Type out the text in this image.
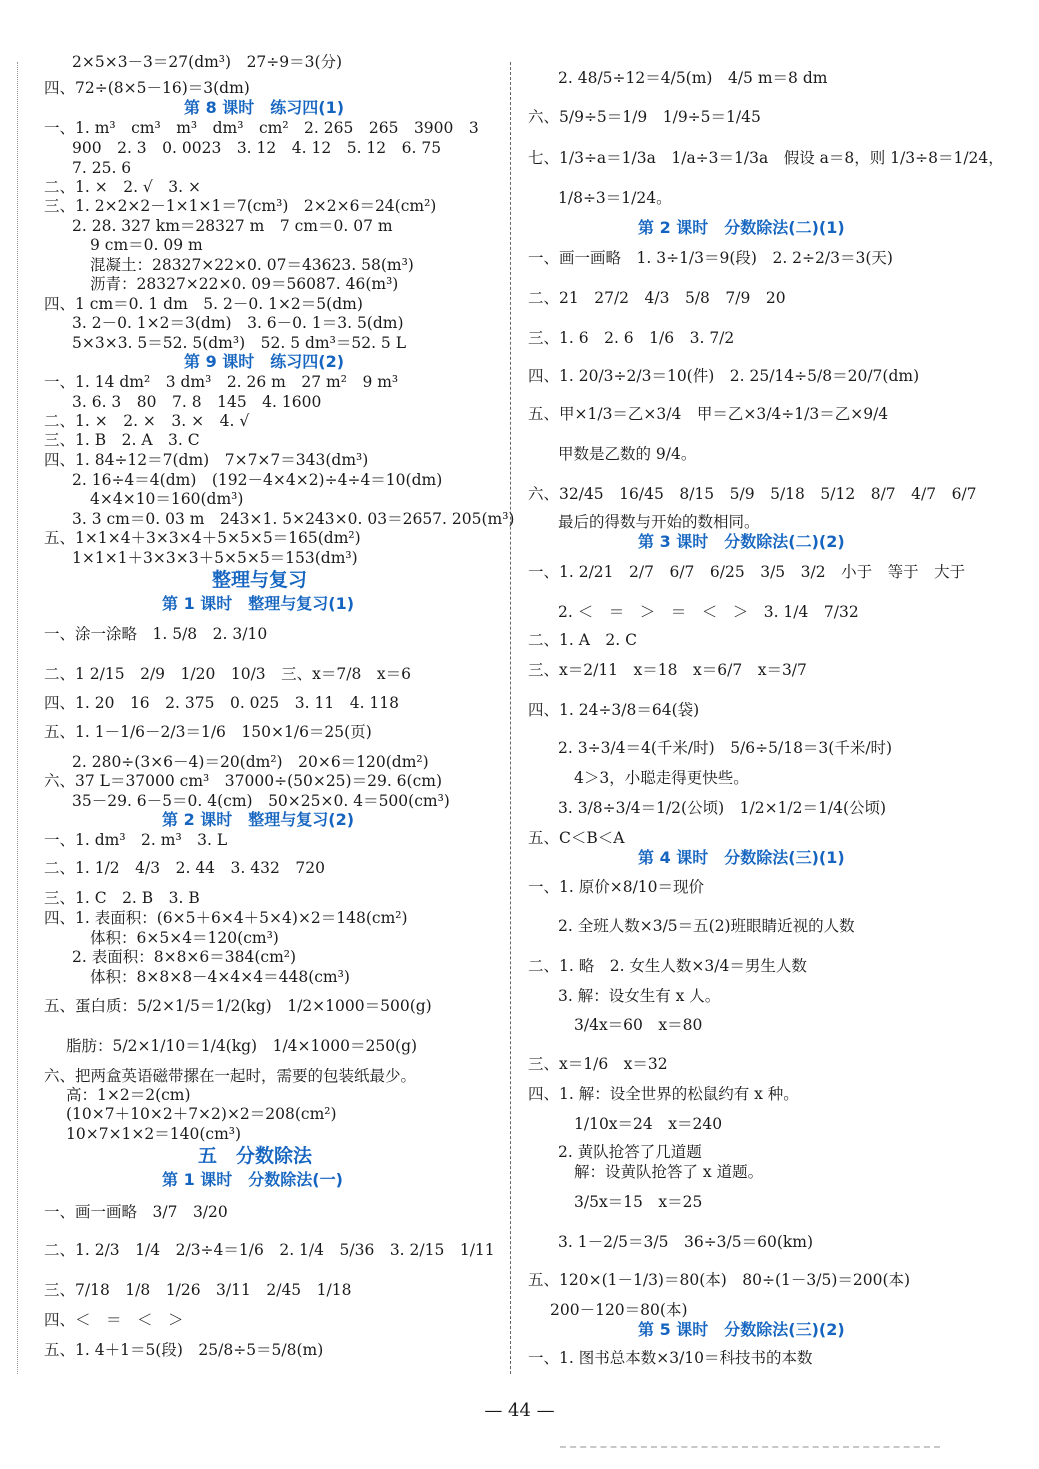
2×5×3－3＝27(dm³)　27÷9＝3(分)
四、72÷(8×5－16)＝3(dm)
第 8 课时　练习四(1)
一、1. m³　cm³　m³　dm³　cm²　2. 265　265　3900　3
900　2. 3　0. 0023　3. 12　4. 12　5. 12　6. 75
7. 25. 6
二、1. ×　2. √　3. ×
三、1. 2×2×2－1×1×1＝7(cm³)　2×2×6＝24(cm²)
2. 28. 327 km＝28327 m　7 cm＝0. 07 m
9 cm＝0. 09 m
混凝土：28327×22×0. 07＝43623. 58(m³)
沥青：28327×22×0. 09＝56087. 46(m³)
四、1 cm＝0. 1 dm　5. 2－0. 1×2＝5(dm)
3. 2－0. 1×2＝3(dm)　3. 6－0. 1＝3. 5(dm)
5×3×3. 5＝52. 5(dm³)　52. 5 dm³＝52. 5 L
第 9 课时　练习四(2)
一、1. 14 dm²　3 dm³　2. 26 m　27 m²　9 m³
3. 6. 3　80　7. 8　145　4. 1600
二、1. ×　2. ×　3. ×　4. √
三、1. B　2. A　3. C
四、1. 84÷12＝7(dm)　7×7×7＝343(dm³)
2. 16÷4＝4(dm)　(192－4×4×2)÷4÷4＝10(dm)
4×4×10＝160(dm³)
3. 3 cm＝0. 03 m　243×1. 5×243×0. 03＝2657. 205(m³)
五、1×1×4＋3×3×4＋5×5×5＝165(dm²)
1×1×1＋3×3×3＋5×5×5＝153(dm³)
整理与复习
第 1 课时　整理与复习(1)
一、涂一涂略　1. 5/8　2. 3/10
二、1 2/15　2/9　1/20　10/3　三、x＝7/8　x＝6
四、1. 20　16　2. 375　0. 025　3. 11　4. 118
五、1. 1－1/6－2/3＝1/6　150×1/6＝25(页)
2. 280÷(3×6－4)＝20(dm²)　20×6＝120(dm²)
六、37 L＝37000 cm³　37000÷(50×25)＝29. 6(cm)
35－29. 6－5＝0. 4(cm)　50×25×0. 4＝500(cm³)
第 2 课时　整理与复习(2)
一、1. dm³　2. m³　3. L
二、1. 1/2　4/3　2. 44　3. 432　720
三、1. C　2. B　3. B
四、1. 表面积：(6×5＋6×4＋5×4)×2＝148(cm²)
体积：6×5×4＝120(cm³)
2. 表面积：8×8×6＝384(cm²)
体积：8×8×8－4×4×4＝448(cm³)
五、蛋白质：5/2×1/5＝1/2(kg)　1/2×1000＝500(g)
脂肪：5/2×1/10＝1/4(kg)　1/4×1000＝250(g)
六、把两盒英语磁带摞在一起时，需要的包装纸最少。
高：1×2＝2(cm)
(10×7＋10×2＋7×2)×2＝208(cm²)
10×7×1×2＝140(cm³)
五　分数除法
第 1 课时　分数除法(一)
一、画一画略　3/7　3/20
二、1. 2/3　1/4　2/3÷4＝1/6　2. 1/4　5/36　3. 2/15　1/11
三、7/18　1/8　1/26　3/11　2/45　1/18
四、＜　＝　＜　＞
五、1. 4＋1＝5(段)　25/8÷5＝5/8(m)
2. 48/5÷12＝4/5(m)　4/5 m＝8 dm
六、5/9÷5＝1/9　1/9÷5＝1/45
七、1/3÷a＝1/3a　1/a÷3＝1/3a　假设 a＝8，则 1/3÷8＝1/24，
1/8÷3＝1/24。
第 2 课时　分数除法(二)(1)
一、画一画略　1. 3÷1/3＝9(段)　2. 2÷2/3＝3(天)
二、21　27/2　4/3　5/8　7/9　20
三、1. 6　2. 6　1/6　3. 7/2
四、1. 20/3÷2/3＝10(件)　2. 25/14÷5/8＝20/7(dm)
五、甲×1/3＝乙×3/4　甲＝乙×3/4÷1/3＝乙×9/4
甲数是乙数的 9/4。
六、32/45　16/45　8/15　5/9　5/18　5/12　8/7　4/7　6/7
最后的得数与开始的数相同。
第 3 课时　分数除法(二)(2)
一、1. 2/21　2/7　6/7　6/25　3/5　3/2　小于　等于　大于
2. ＜　＝　＞　＝　＜　＞　3. 1/4　7/32
二、1. A　2. C
三、x＝2/11　x＝18　x＝6/7　x＝3/7
四、1. 24÷3/8＝64(袋)
2. 3÷3/4＝4(千米/时)　5/6÷5/18＝3(千米/时)
4＞3，小聪走得更快些。
3. 3/8÷3/4＝1/2(公顷)　1/2×1/2＝1/4(公顷)
五、C＜B＜A
第 4 课时　分数除法(三)(1)
一、1. 原价×8/10＝现价
2. 全班人数×3/5＝五(2)班眼睛近视的人数
二、1. 略　2. 女生人数×3/4＝男生人数
3. 解：设女生有 x 人。
3/4x＝60　x＝80
三、x＝1/6　x＝32
四、1. 解：设全世界的松鼠约有 x 种。
1/10x＝24　x＝240
2. 黄队抢答了几道题
解：设黄队抢答了 x 道题。
3/5x＝15　x＝25
3. 1－2/5＝3/5　36÷3/5＝60(km)
五、120×(1－1/3)＝80(本)　80÷(1－3/5)＝200(本)
200－120＝80(本)
第 5 课时　分数除法(三)(2)
一、1. 图书总本数×3/10＝科技书的本数
— 44 —
